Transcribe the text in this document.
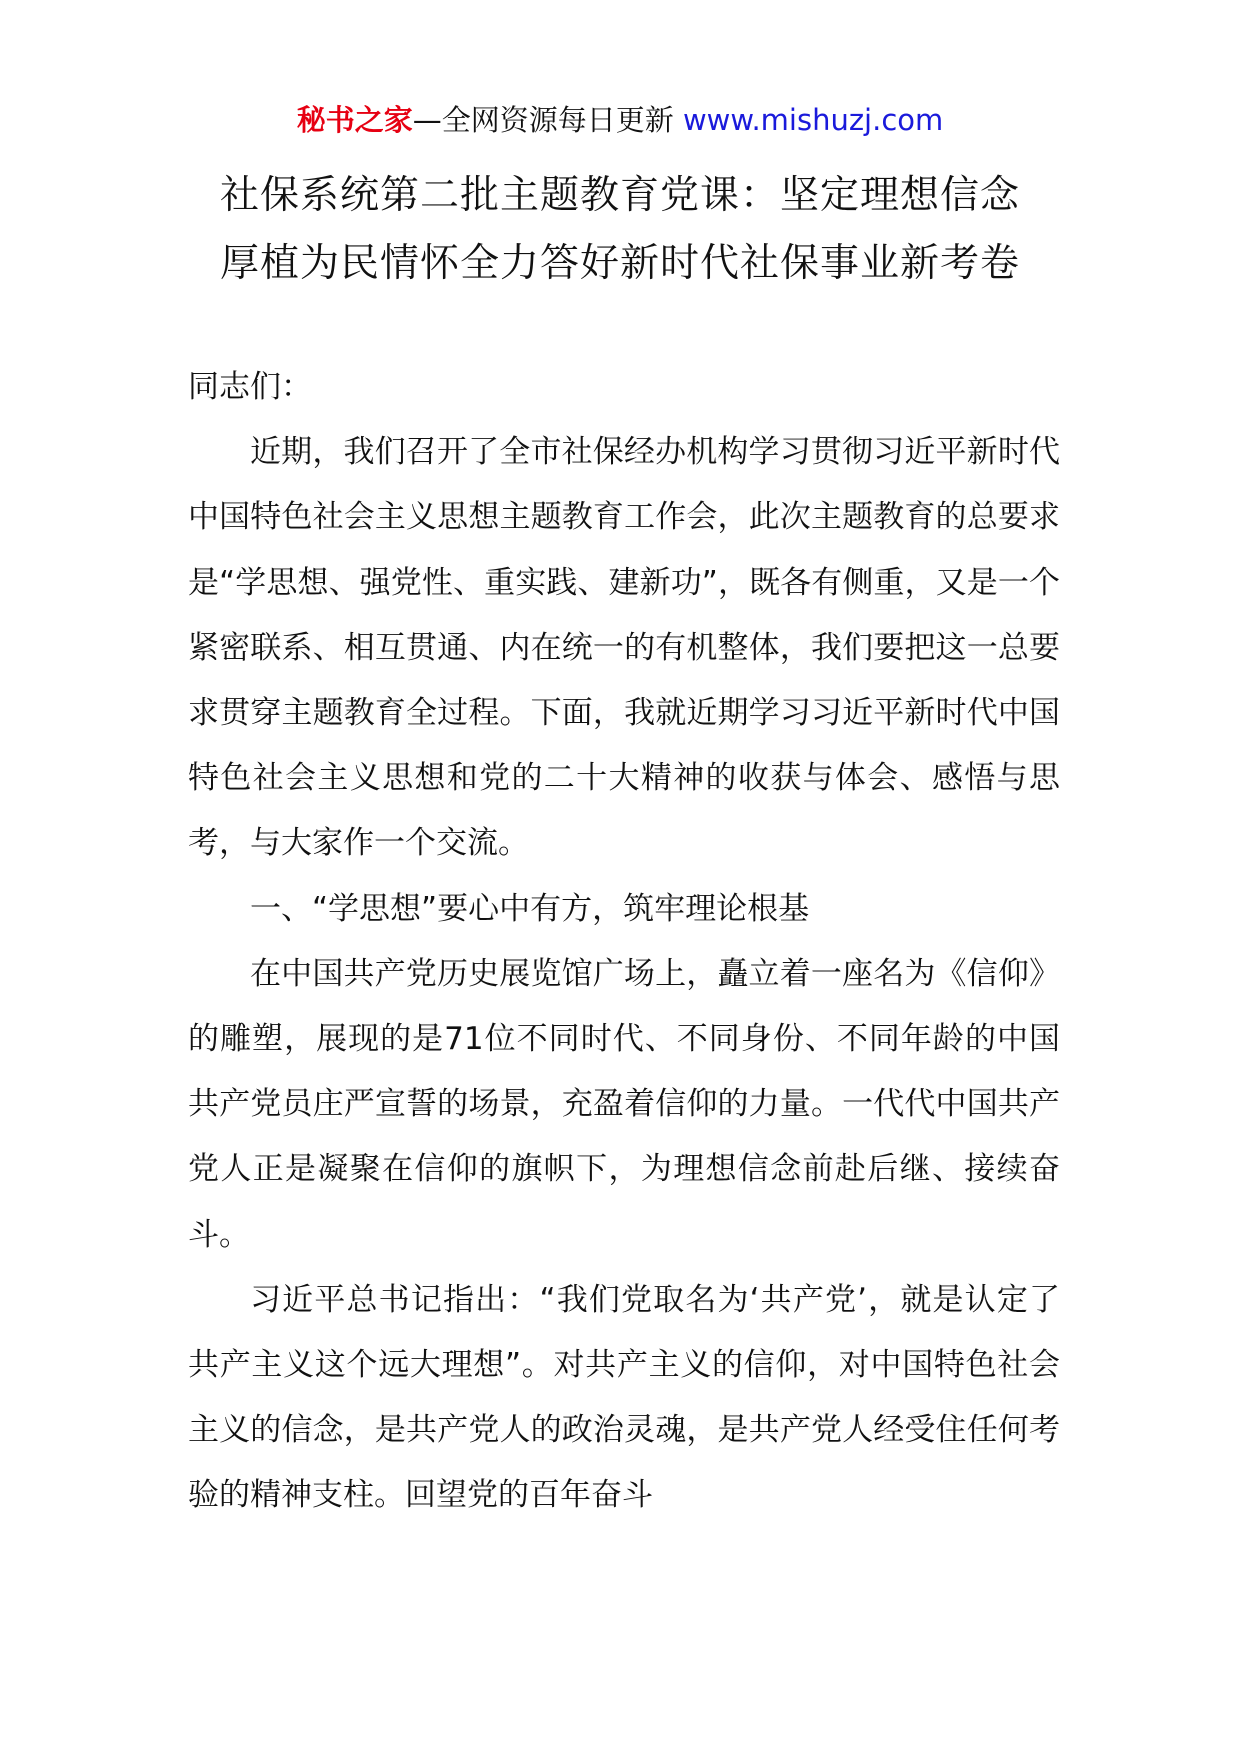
秘书之家—全网资源每日更新 www.mishuzj.com
社保系统第二批主题教育党课：坚定理想信念
厚植为民情怀全力答好新时代社保事业新考卷

同志们：

近期，我们召开了全市社保经办机构学习贯彻习近平新时代中国特色社会主义思想主题教育工作会，此次主题教育的总要求是“学思想、强党性、重实践、建新功”，既各有侧重，又是一个紧密联系、相互贯通、内在统一的有机整体，我们要把这一总要求贯穿主题教育全过程。下面，我就近期学习习近平新时代中国特色社会主义思想和党的二十大精神的收获与体会、感悟与思考，与大家作一个交流。

一、“学思想”要心中有方，筑牢理论根基

在中国共产党历史展览馆广场上，矗立着一座名为《信仰》的雕塑，展现的是71位不同时代、不同身份、不同年龄的中国共产党员庄严宣誓的场景，充盈着信仰的力量。一代代中国共产党人正是凝聚在信仰的旗帜下，为理想信念前赴后继、接续奋斗。

习近平总书记指出：“我们党取名为‘共产党’，就是认定了共产主义这个远大理想”。对共产主义的信仰，对中国特色社会主义的信念，是共产党人的政治灵魂，是共产党人经受住任何考验的精神支柱。回望党的百年奋斗
